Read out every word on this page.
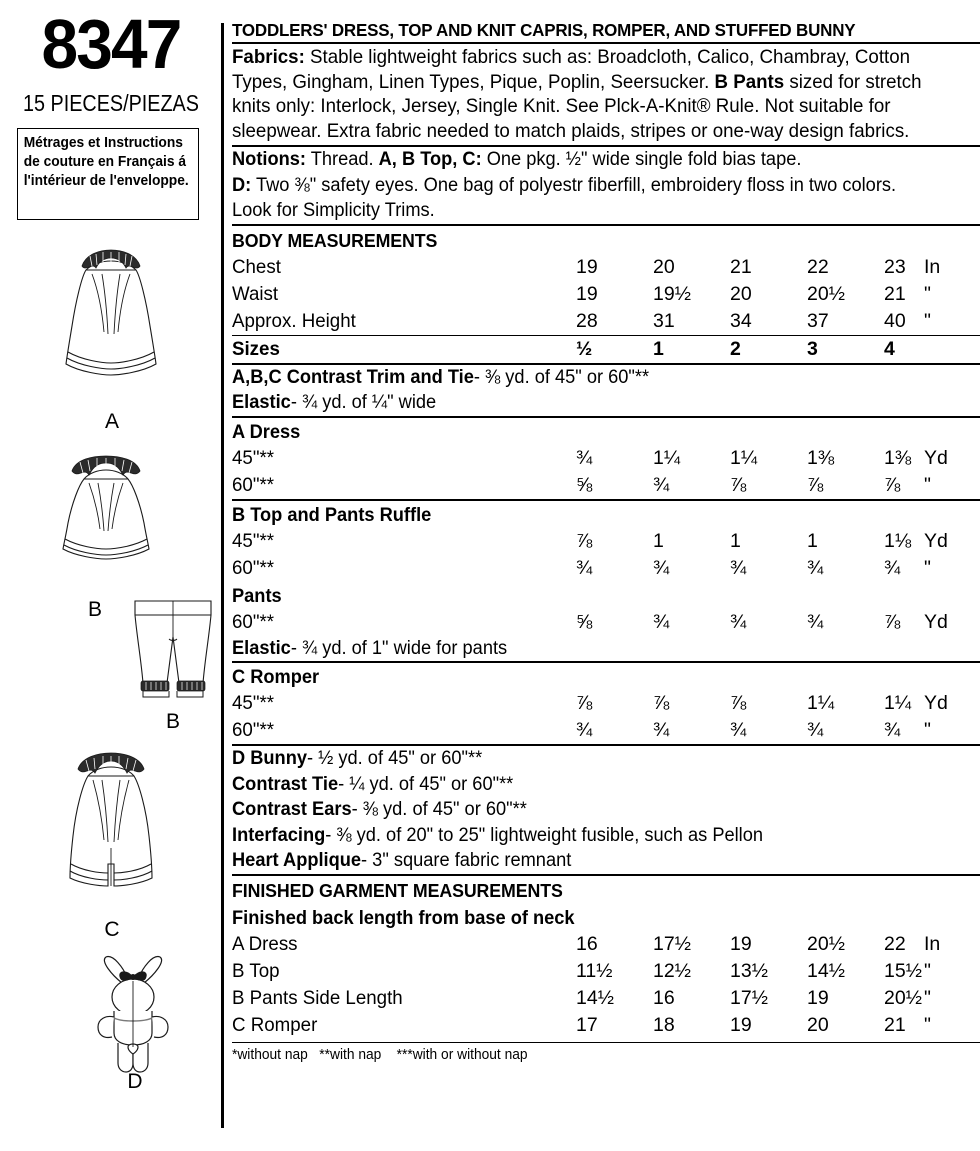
8347
15 PIECES/PIEZAS

Métrages et Instructions de couture en Français á l'intérieur de l'enveloppe.

A
B
B
C
D
TODDLERS' DRESS, TOP AND KNIT CAPRIS, ROMPER, AND STUFFED BUNNY
Fabrics: Stable lightweight fabrics such as: Broadcloth, Calico, Chambray, Cotton Types, Gingham, Linen Types, Pique, Poplin, Seersucker. B Pants sized for stretch knits only: Interlock, Jersey, Single Knit. See Plck-A-Knit® Rule. Not suitable for sleepwear. Extra fabric needed to match plaids, stripes or one-way design fabrics.
Notions: Thread. A, B Top, C: One pkg. ½" wide single fold bias tape.
D: Two ⅜" safety eyes. One bag of polyestr fiberfill, embroidery floss in two colors.
Look for Simplicity Trims.
BODY MEASUREMENTS
Chest	19	20	21	22	23 In
Waist	19	19½	20	20½	21 "
Approx. Height	28	31	34	37	40 "
Sizes	½	1	2	3	4
A,B,C Contrast Trim and Tie- ⅜ yd. of 45" or 60"**
Elastic- ¾ yd. of ¼" wide
A Dress
45"**	¾	1¼	1¼	1⅜	1⅜ Yd
60"**	⅝	¾	⅞	⅞	⅞	"
B Top and Pants Ruffle
45"**	⅞	1	1	1	1⅛ Yd
60"**	¾	¾	¾	¾	¾	"
Pants
60"**	⅝	¾	¾	¾	⅞	Yd
Elastic- ¾ yd. of 1" wide for pants
C Romper
45"**	⅞	⅞	⅞	1¼	1¼ Yd
60"**	¾	¾	¾	¾	¾	"
D Bunny- ½ yd. of 45" or 60"**
Contrast Tie- ¼ yd. of 45" or 60"**
Contrast Ears- ⅜ yd. of 45" or 60"**
Interfacing- ⅜ yd. of 20" to 25" lightweight fusible, such as Pellon
Heart Applique- 3" square fabric remnant
FINISHED GARMENT MEASUREMENTS
Finished back length from base of neck
A Dress	16	17½	19	20½	22 In
B Top	11½	12½	13½	14½	15½ "
B Pants Side Length	14½	16	17½	19	20½ "
C Romper	17	18	19	20	21 "
*without nap   **with nap    ***with or without nap
